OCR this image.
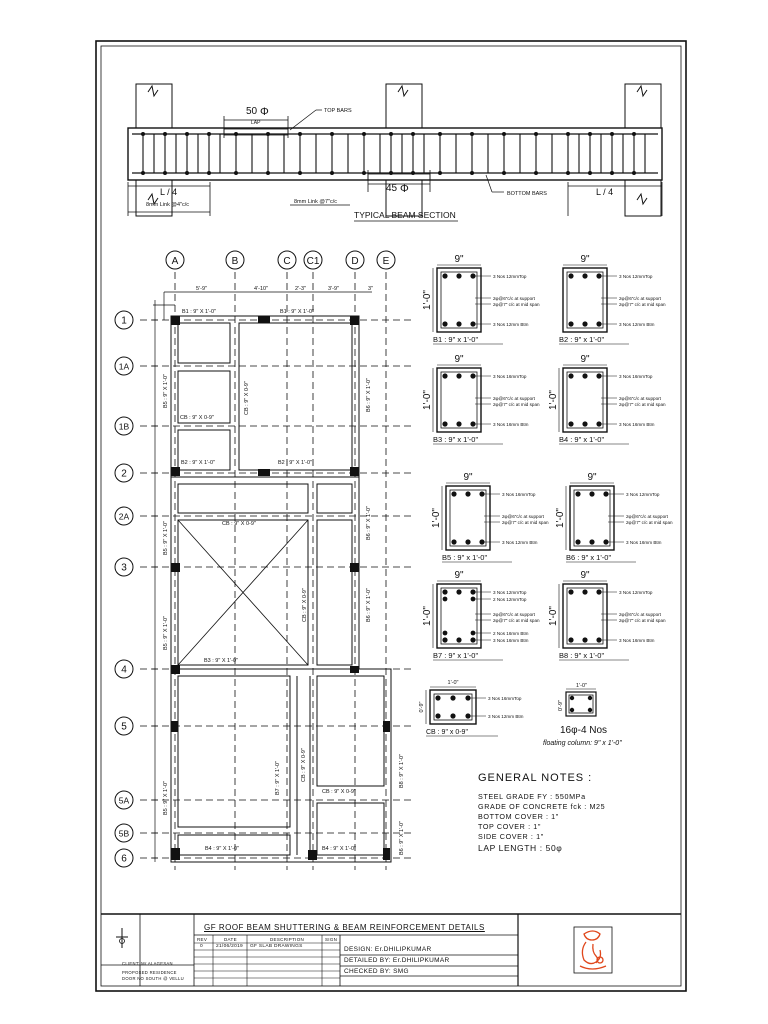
50 Φ
LAP
TOP BARS
45 Φ	BOTTOM BARS
L / 4	L / 4
8mm Link @4"c/c	8mm Link @7"c/c
TYPICAL BEAM SECTION
A	B	C C1	D E
1
1A
1B
2
2A
3
4
5
5A
5B
6
5'-9"	4'-10"	2'-3"	3'-9"	3"
B1 : 9" X 1'-0"	B1 : 9" X 1'-0"
CB : 9" X 0-9"
B2 : 9" X 1'-0"	B2 : 9" X 1'-0"
CB : 9" X 0-9"
B3 : 9" X 1'-0"
CB : 9" X 0-9"
B4 : 9" X 1'-0"	B4 : 9" X 1'-0"
B5 : 9" X 1'-0"
B5 : 9" X 1'-0"
B5 : 9" X 1'-0"
B5 : 9" X 1'-0"
CB : 9" X 0-9"
CB : 9" X 0-9"
CB : 9" X 0-9"
B6 : 9" X 1'-0"
B6 : 9" X 1'-0"
B6 : 9" X 1'-0"
B7 : 9" X 1'-0"	B8 : 9" X 1'-0"
B6 : 9" X 1'-0"
9"
1'-0"
3 Nos 12mmTop
2φ@6"c/c at support
2φ@7" c/c at mid span
3 Nos 12mm Btm
B1 : 9" x 1'-0"
9"
3 Nos 12mmTop
2φ@6"c/c at support
2φ@7" c/c at mid span
3 Nos 12mm Btm
B2 : 9" x 1'-0"
9"
1'-0"
3 Nos 16mmTop
2φ@6"c/c at support
2φ@7" c/c at mid span
3 Nos 16mm Btm
B3 : 9" x 1'-0"
9"
1'-0"
3 Nos 16mmTop
2φ@6"c/c at support
2φ@7" c/c at mid span
3 Nos 16mm Btm
B4 : 9" x 1'-0"
9"
1'-0"
3 Nos 16mmTop
2φ@6"c/c at support
2φ@7" c/c at mid span
3 Nos 12mm Btm
B5 : 9" x 1'-0"
9"
1'-0"
3 Nos 12mmTop
2φ@6"c/c at support
2φ@7" c/c at mid span
3 Nos 16mm Btm
B6 : 9" x 1'-0"
9"
1'-0"
3 Nos 12mmTop
2 Nos 12mmTop
2φ@6"c/c at support
2φ@7" c/c at mid span
2 Nos 16mm Btm
3 Nos 16mm Btm
B7 : 9" x 1'-0"
9"
1'-0"
3 Nos 12mmTop
2φ@6"c/c at support
2φ@7" c/c at mid span
3 Nos 16mm Btm
B8 : 9" x 1'-0"
1'-0"
0'-9"
3 Nos 16mmTop
3 Nos 12mm Btm
CB : 9" x 0-9"
1'-0"
0'-9"
16φ-4 Nos
floating column: 9" x 1'-0"
GENERAL NOTES :
STEEL GRADE FY : 550MPa
GRADE OF CONCRETE fck : M25
BOTTOM COVER : 1"
TOP COVER : 1"
SIDE COVER : 1"
LAP LENGTH : 50φ
GF ROOF BEAM SHUTTERING & BEAM REINFORCEMENT DETAILS
REV	DATE	DESCRIPTION	SIGN
0	21/06/2019 GF SLAB DRAWINGS	DESIGN: Er.DHILIPKUMAR
DETAILED BY: Er.DHILIPKUMAR
CHECKED BY: SMG
CLIENT: Mr.ALAGESAN
PROPOSED RESIDENCE
DOOR NO SOUTH @ VELLU
